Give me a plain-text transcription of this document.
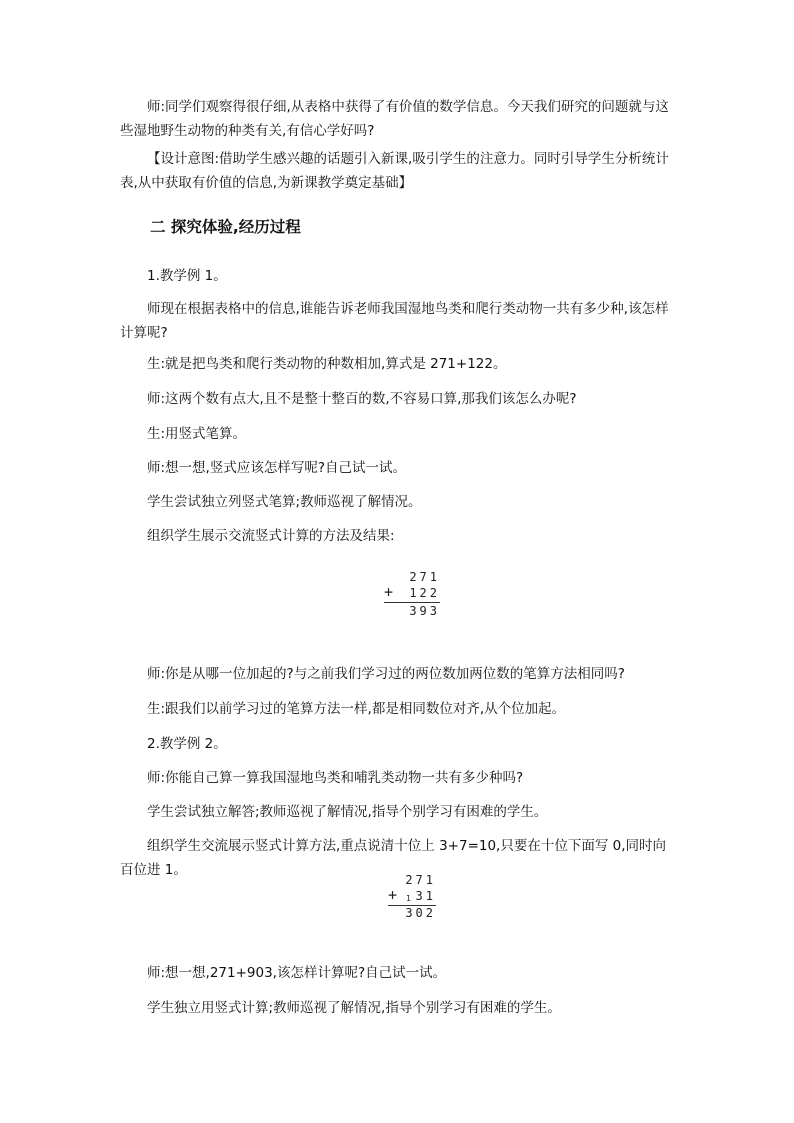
师:同学们观察得很仔细,从表格中获得了有价值的数学信息。今天我们研究的问题就与这些湿地野生动物的种类有关,有信心学好吗?
【设计意图:借助学生感兴趣的话题引入新课,吸引学生的注意力。同时引导学生分析统计表,从中获取有价值的信息,为新课教学奠定基础】
二 探究体验,经历过程
1.教学例 1。
师现在根据表格中的信息,谁能告诉老师我国湿地鸟类和爬行类动物一共有多少种,该怎样计算呢?
生:就是把鸟类和爬行类动物的种数相加,算式是 271+122。
师:这两个数有点大,且不是整十整百的数,不容易口算,那我们该怎么办呢?
生:用竖式笔算。
师:想一想,竖式应该怎样写呢?自己试一试。
学生尝试独立列竖式笔算;教师巡视了解情况。
组织学生展示交流竖式计算的方法及结果:
271
+ 122
393
师:你是从哪一位加起的?与之前我们学习过的两位数加两位数的笔算方法相同吗?
生:跟我们以前学习过的笔算方法一样,都是相同数位对齐,从个位加起。
2.教学例 2。
师:你能自己算一算我国湿地鸟类和哺乳类动物一共有多少种吗?
学生尝试独立解答;教师巡视了解情况,指导个别学习有困难的学生。
组织学生交流展示竖式计算方法,重点说清十位上 3+7=10,只要在十位下面写 0,同时向百位进 1。
271
+ 31
1
302
师:想一想,271+903,该怎样计算呢?自己试一试。
学生独立用竖式计算;教师巡视了解情况,指导个别学习有困难的学生。
